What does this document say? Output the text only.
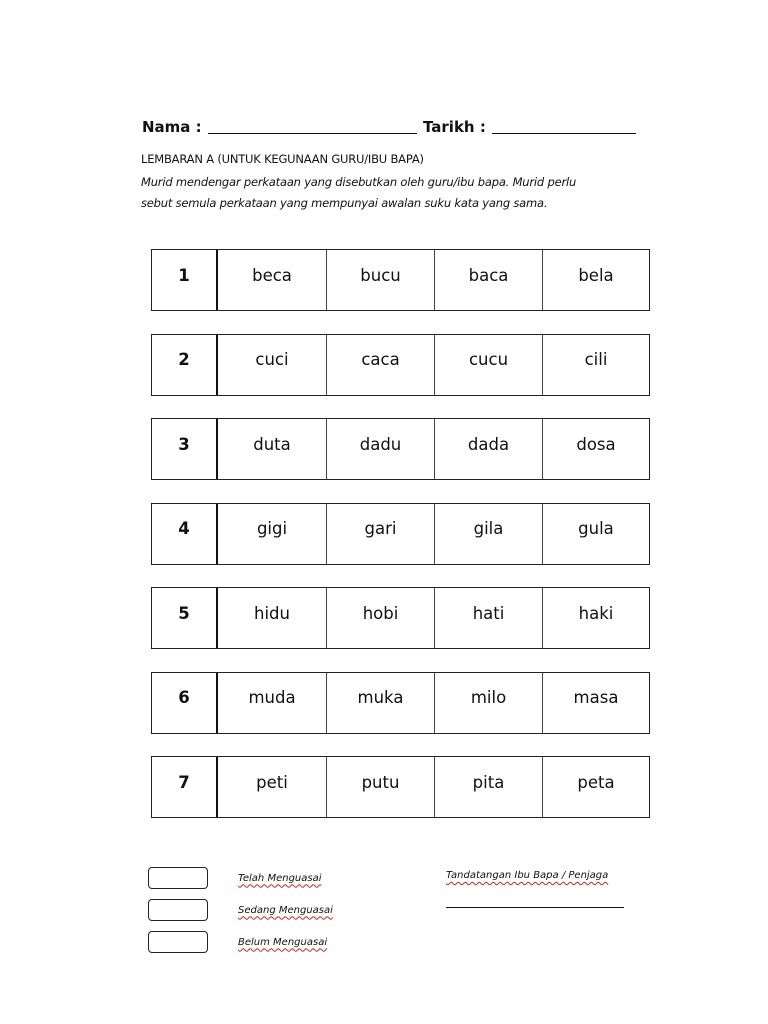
Nama :	Tarikh :
LEMBARAN A (UNTUK KEGUNAAN GURU/IBU BAPA)
Murid mendengar perkataan yang disebutkan oleh guru/ibu bapa. Murid perlu
sebut semula perkataan yang mempunyai awalan suku kata yang sama.
1	beca	bucu	baca	bela
2	cuci	caca	cucu	cili
3	duta	dadu	dada	dosa
4	gigi	gari	gila	gula
5	hidu	hobi	hati	haki
6	muda	muka	milo	masa
7	peti	putu	pita	peta
Telah Menguasai
Sedang Menguasai
Belum Menguasai
Tandatangan Ibu Bapa / Penjaga
